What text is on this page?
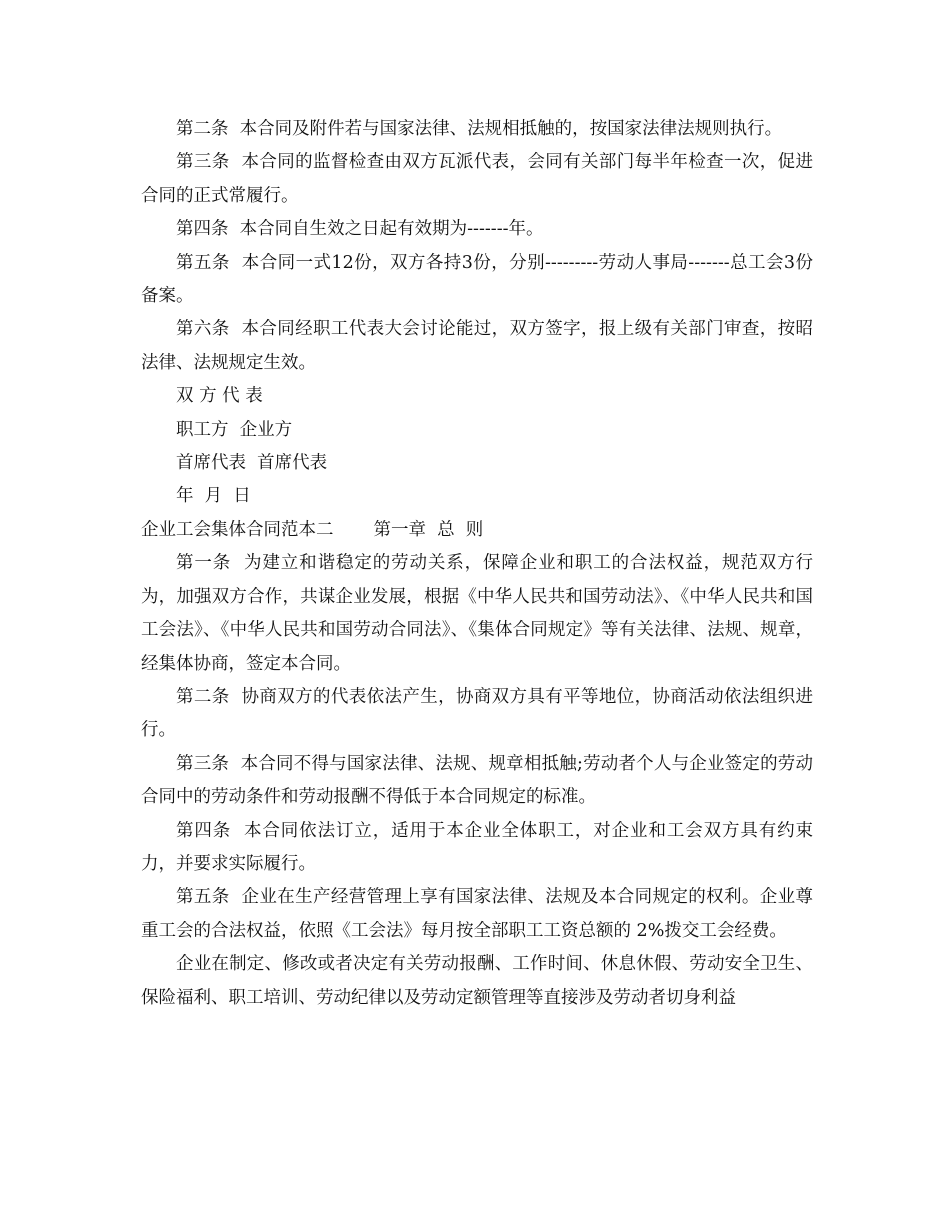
第二条  本合同及附件若与国家法律、法规相抵触的，按国家法律法规则执行。

第三条  本合同的监督检查由双方瓦派代表，会同有关部门每半年检查一次，促进合同的正式常履行。

第四条  本合同自生效之日起有效期为-------年。

第五条  本合同一式12份，双方各持3份，分别---------劳动人事局-------总工会3份备案。

第六条  本合同经职工代表大会讨论能过，双方签字，报上级有关部门审查，按昭法律、法规规定生效。

双 方 代 表

职工方  企业方

首席代表  首席代表

年  月  日

企业工会集体合同范本二 第一章  总  则

第一条  为建立和谐稳定的劳动关系，保障企业和职工的合法权益，规范双方行为，加强双方合作，共谋企业发展，根据《中华人民共和国劳动法》、《中华人民共和国工会法》、《中华人民共和国劳动合同法》、《集体合同规定》等有关法律、法规、规章，经集体协商，签定本合同。

第二条  协商双方的代表依法产生，协商双方具有平等地位，协商活动依法组织进行。

第三条  本合同不得与国家法律、法规、规章相抵触;劳动者个人与企业签定的劳动合同中的劳动条件和劳动报酬不得低于本合同规定的标准。

第四条  本合同依法订立，适用于本企业全体职工，对企业和工会双方具有约束力，并要求实际履行。

第五条  企业在生产经营管理上享有国家法律、法规及本合同规定的权利。企业尊重工会的合法权益，依照《工会法》每月按全部职工工资总额的 2%拨交工会经费。

企业在制定、修改或者决定有关劳动报酬、工作时间、休息休假、劳动安全卫生、保险福利、职工培训、劳动纪律以及劳动定额管理等直接涉及劳动者切身利益
